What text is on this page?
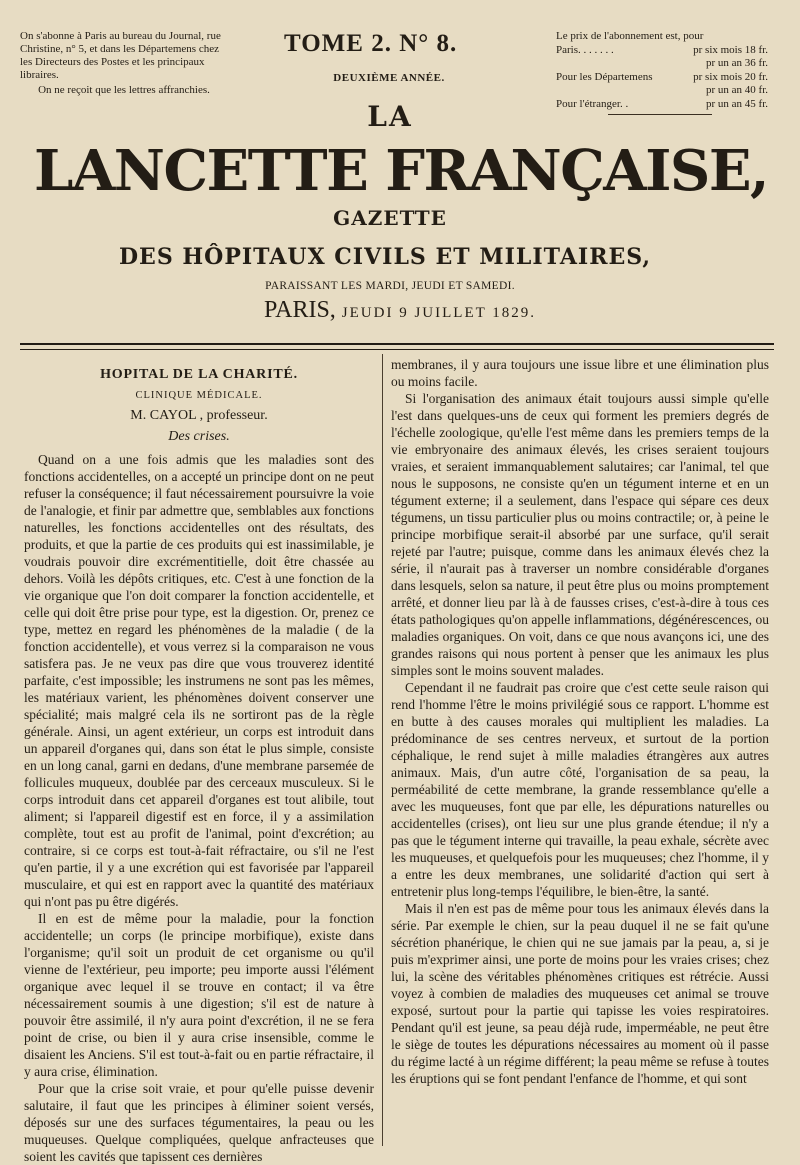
On s'abonne à Paris au bureau du Journal, rue Christine, n° 5, et dans les Départemens chez les Directeurs des Postes et les principaux libraires.

On ne reçoit que les lettres affranchies.

TOME 2. N° 8.
DEUXIÈME ANNÉE.
Le prix de l'abonnement est, pour
Paris. . . . . . .	pr six mois 18 fr.
pr un an 36 fr.
Pour les Départemens	pr six mois 20 fr.
pr un an 40 fr.
Pour l'étranger. .	pr un an 45 fr.
LA
LANCETTE FRANÇAISE,
GAZETTE
DES HÔPITAUX CIVILS ET MILITAIRES,
PARAISSANT LES MARDI, JEUDI ET SAMEDI.
PARIS, JEUDI 9 JUILLET 1829.
HOPITAL DE LA CHARITÉ.
CLINIQUE MÉDICALE.
M. CAYOL , professeur.
Des crises.

Quand on a une fois admis que les maladies sont des fonctions accidentelles, on a accepté un principe dont on ne peut refuser la conséquence; il faut nécessairement poursuivre la voie de l'analogie, et finir par admettre que, semblables aux fonctions naturelles, les fonctions accidentelles ont des résultats, des produits, et que la partie de ces produits qui est inassimilable, je voudrais pouvoir dire excrémentitielle, doit être chassée au dehors. Voilà les dépôts critiques, etc. C'est à une fonction de la vie organique que l'on doit comparer la fonction accidentelle, et celle qui doit être prise pour type, est la digestion. Or, prenez ce type, mettez en regard les phénomènes de la maladie ( de la fonction accidentelle), et vous verrez si la comparaison ne vous satisfera pas. Je ne veux pas dire que vous trouverez identité parfaite, c'est impossible; les instrumens ne sont pas les mêmes, les matériaux varient, les phénomènes doivent conserver une spécialité; mais malgré cela ils ne sortiront pas de la règle générale. Ainsi, un agent extérieur, un corps est introduit dans un appareil d'organes qui, dans son état le plus simple, consiste en un long canal, garni en dedans, d'une membrane parsemée de follicules muqueux, doublée par des cerceaux musculeux. Si le corps introduit dans cet appareil d'organes est tout alibile, tout aliment; si l'appareil digestif est en force, il y a assimilation complète, tout est au profit de l'animal, point d'excrétion; au contraire, si ce corps est tout-à-fait réfractaire, ou s'il ne l'est qu'en partie, il y a une excrétion qui est favorisée par l'appareil musculaire, et qui est en rapport avec la quantité des matériaux qui n'ont pas pu être digérés.

Il en est de même pour la maladie, pour la fonction accidentelle; un corps (le principe morbifique), existe dans l'organisme; qu'il soit un produit de cet organisme ou qu'il vienne de l'extérieur, peu importe; peu importe aussi l'élément organique avec lequel il se trouve en contact; il va être nécessairement soumis à une digestion; s'il est de nature à pouvoir être assimilé, il n'y aura point d'excrétion, il ne se fera point de crise, ou bien il y aura crise insensible, comme le disaient les Anciens. S'il est tout-à-fait ou en partie réfractaire, il y aura crise, élimination.

Pour que la crise soit vraie, et pour qu'elle puisse devenir salutaire, il faut que les principes à éliminer soient versés, déposés sur une des surfaces tégumentaires, la peau ou les muqueuses. Quelque compliquées, quelque anfracteuses que soient les cavités que tapissent ces dernières

membranes, il y aura toujours une issue libre et une élimination plus ou moins facile.

Si l'organisation des animaux était toujours aussi simple qu'elle l'est dans quelques-uns de ceux qui forment les premiers degrés de l'échelle zoologique, qu'elle l'est même dans les premiers temps de la vie embryonaire des animaux élevés, les crises seraient toujours vraies, et seraient immanquablement salutaires; car l'animal, tel que nous le supposons, ne consiste qu'en un tégument interne et en un tégument externe; il a seulement, dans l'espace qui sépare ces deux tégumens, un tissu particulier plus ou moins contractile; or, à peine le principe morbifique serait-il absorbé par une surface, qu'il serait rejeté par l'autre; puisque, comme dans les animaux élevés chez la série, il n'aurait pas à traverser un nombre considérable d'organes dans lesquels, selon sa nature, il peut être plus ou moins promptement arrêté, et donner lieu par là à de fausses crises, c'est-à-dire à tous ces états pathologiques qu'on appelle inflammations, dégénérescences, ou maladies organiques. On voit, dans ce que nous avançons ici, une des grandes raisons qui nous portent à penser que les animaux les plus simples sont le moins souvent malades.

Cependant il ne faudrait pas croire que c'est cette seule raison qui rend l'homme l'être le moins privilégié sous ce rapport. L'homme est en butte à des causes morales qui multiplient les maladies. La prédominance de ses centres nerveux, et surtout de la portion céphalique, le rend sujet à mille maladies étrangères aux autres animaux. Mais, d'un autre côté, l'organisation de sa peau, la perméabilité de cette membrane, la grande ressemblance qu'elle a avec les muqueuses, font que par elle, les dépurations naturelles ou accidentelles (crises), ont lieu sur une plus grande étendue; il n'y a pas que le tégument interne qui travaille, la peau exhale, sécrète avec les muqueuses, et quelquefois pour les muqueuses; chez l'homme, il y a entre les deux membranes, une solidarité d'action qui sert à entretenir plus long-temps l'équilibre, le bien-être, la santé.

Mais il n'en est pas de même pour tous les animaux élevés dans la série. Par exemple le chien, sur la peau duquel il ne se fait qu'une sécrétion phanérique, le chien qui ne sue jamais par la peau, a, si je puis m'exprimer ainsi, une porte de moins pour les vraies crises; chez lui, la scène des véritables phénomènes critiques est rétrécie. Aussi voyez à combien de maladies des muqueuses cet animal se trouve exposé, surtout pour la partie qui tapisse les voies respiratoires. Pendant qu'il est jeune, sa peau déjà rude, imperméable, ne peut être le siège de toutes les dépurations nécessaires au moment où il passe du régime lacté à un régime différent; la peau même se refuse à toutes les éruptions qui se font pendant l'enfance de l'homme, et qui sont
